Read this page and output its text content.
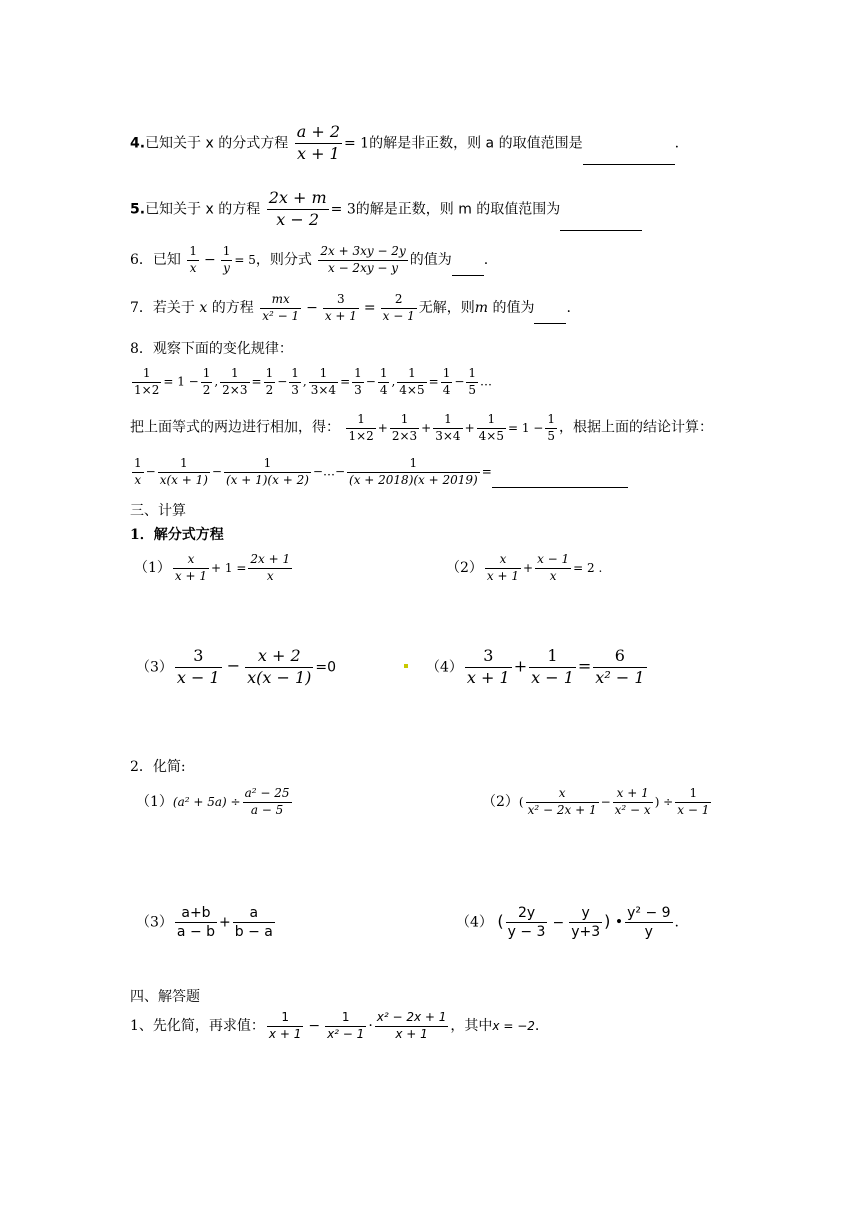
4.已知关于 x 的分式方程 $\frac{a + 2}{x + 1} = 1$的解是非正数，则 a 的取值范围是	.
5.已知关于 x 的方程 $\frac{2x + m}{x - 2} = 3$的解是正数，则 m 的取值范围为
6．已知 $\frac{1}{x} - \frac{1}{y} = 5$，则分式 $\frac{2x + 3xy - 2y}{x - 2xy - y}$ 的值为 .
7．若关于 x 的方程 $\frac{mx}{\text{x² − 1}} - \frac{3}{x + 1} = \frac{2}{x - 1}$ 无解，则m 的值为 .
8．观察下面的变化规律：
$\frac{1}{1\times 2} = 1 - \frac{1}{2}$ , $\frac{1}{2\times 3} = \frac{1}{2} - \frac{1}{3}$ , $\frac{1}{3\times 4} = \frac{1}{3} - \frac{1}{4}$ , $\frac{1}{4\times 5} = \frac{1}{4} - \frac{1}{5}$ …
把上面等式的两边进行相加，得： $\frac{1}{1\times 2} + \frac{1}{2\times 3} + \frac{1}{3\times 4} + \frac{1}{4\times 5} = 1 - \frac{1}{5}$ ，根据上面的结论计算：
$\frac{1}{x} - \frac{1}{x(x + 1)} - \frac{1}{(x + 1)(x + 2)}$ −…− $\frac{1}{(x + 2018)(x + 2019)}$ =
三、计算
1．解分式方程
$(1) \frac{x}{x + 1} + 1 = \frac{2x + 1}{x}$	$(2) \frac{x}{x + 1} + \frac{x - 1}{x} = 2$ .
$(3) \frac{3}{x - 1} - \frac{x + 2}{x(x - 1)} =0$	$(4) \frac{3}{x + 1} + \frac{1}{x - 1} = \frac{6}{\text{x² − 1}}$
2．化简:
$(1)(a^2 + 5a) \div \frac{\text{a² − 25}}{a - 5}$	$(2)( \frac{x}{\text{x² − 2x + 1}} - \frac{x + 1}{\text{x² − x}}$ ) ÷ $\frac{1}{x - 1}$
$(3) \frac{a+b}{a - b} + \frac{a}{b - a}$	（4） ( $\frac{2y}{y - 3} - \frac{y}{y+3}$ ) • $\frac{\text{y² − 9}}{y}$ .
四、解答题
1、先化简，再求值： $\frac{1}{x + 1} - \frac{1}{\text{x² − 1}} \cdot \frac{\text{x² − 2x + 1}}{x + 1}$ ，其中x = −2.
